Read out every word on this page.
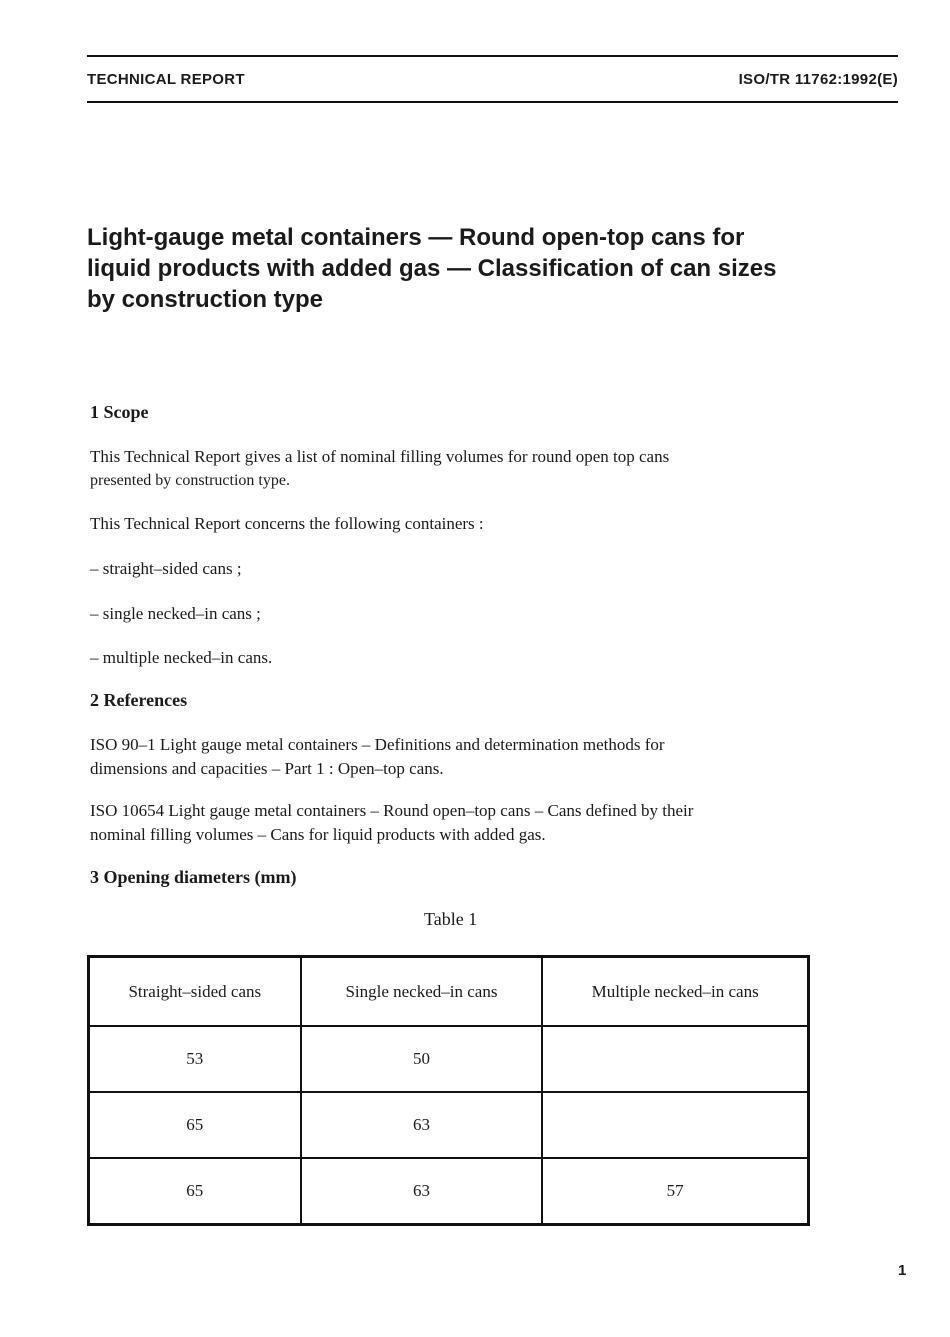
TECHNICAL REPORT	ISO/TR 11762:1992(E)
Light-gauge metal containers — Round open-top cans for
liquid products with added gas — Classification of can sizes
by construction type
1 Scope
This Technical Report gives a list of nominal filling volumes for round open top cans
presented by construction type.
This Technical Report concerns the following containers :
– straight–sided cans ;
– single necked–in cans ;
– multiple necked–in cans.
2 References
ISO 90–1 Light gauge metal containers – Definitions and determination methods for
dimensions and capacities – Part 1 : Open–top cans.
ISO 10654 Light gauge metal containers – Round open–top cans – Cans defined by their
nominal filling volumes – Cans for liquid products with added gas.
3 Opening diameters (mm)
Table 1
Straight–sided cans	Single necked–in cans	Multiple necked–in cans
53	50	
65	63	
65	63	57
1
